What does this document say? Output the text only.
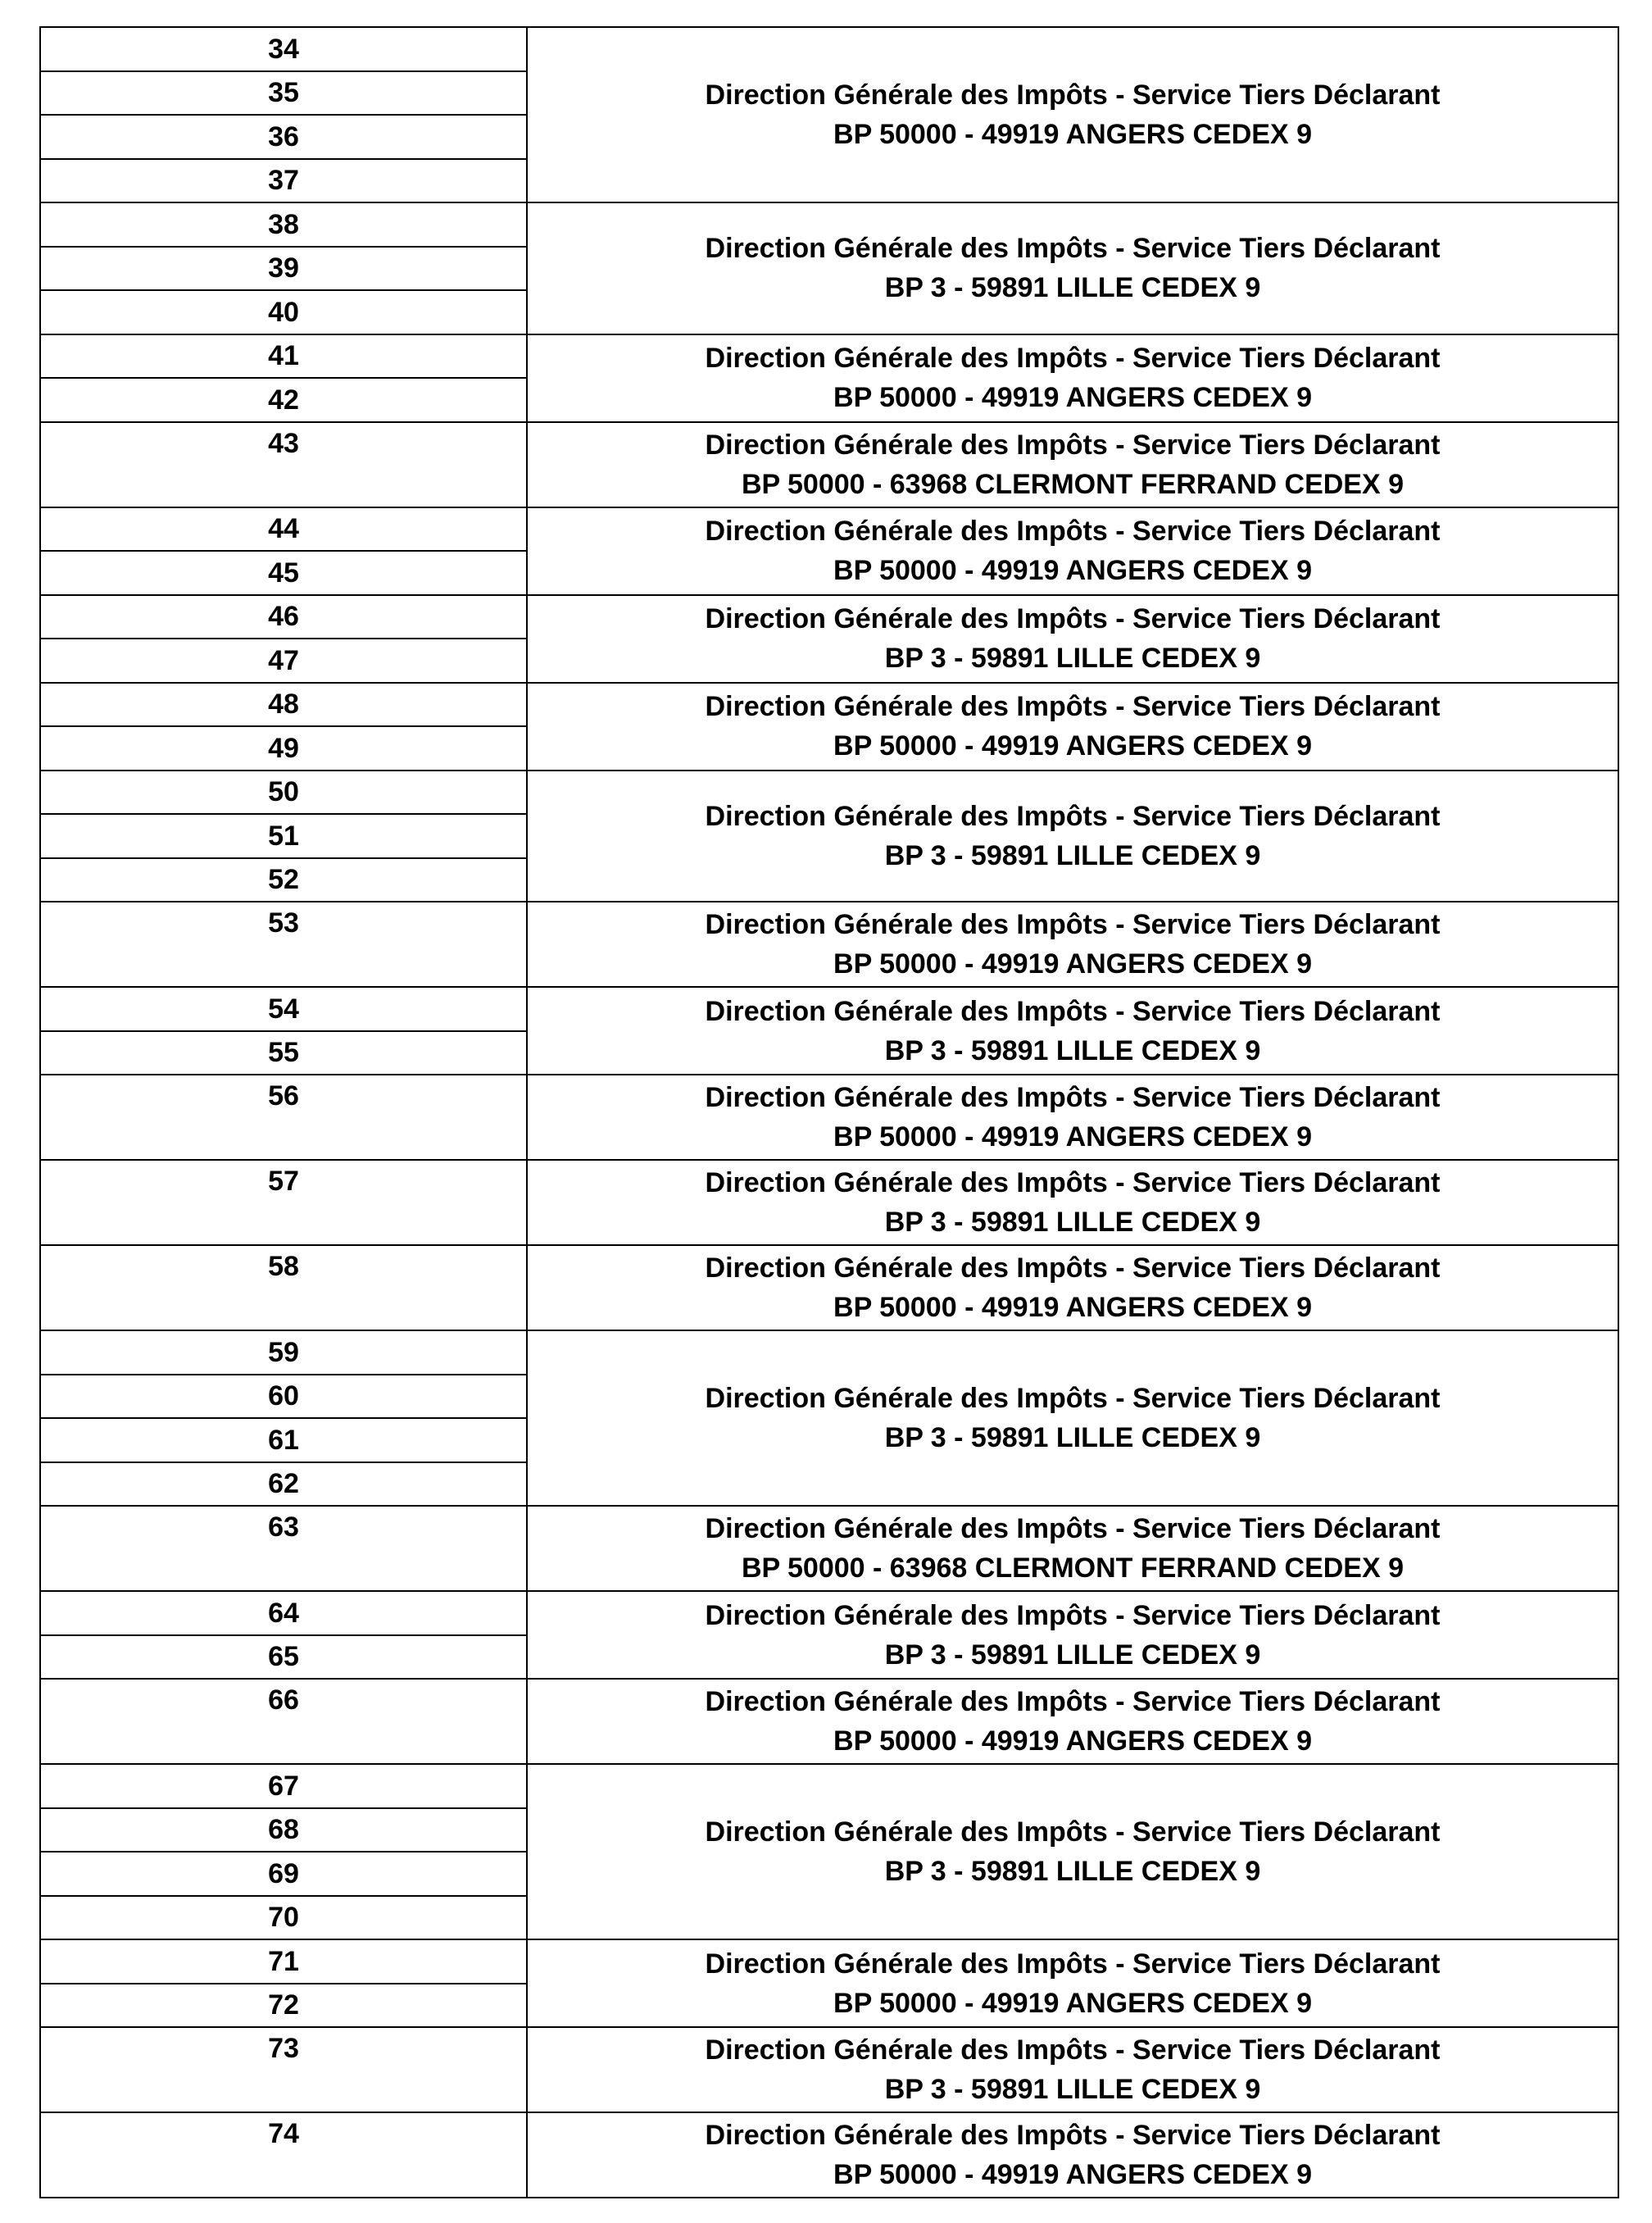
34	Direction Générale des Impôts - Service Tiers Déclarant
BP 50000 - 49919 ANGERS CEDEX 9

35	
36	
37	
38	Direction Générale des Impôts - Service Tiers Déclarant
BP 3 - 59891 LILLE CEDEX 9

39	
40	
41	Direction Générale des Impôts - Service Tiers Déclarant
BP 50000 - 49919 ANGERS CEDEX 9

42	
43	Direction Générale des Impôts - Service Tiers Déclarant
BP 50000 - 63968 CLERMONT FERRAND CEDEX 9

44	Direction Générale des Impôts - Service Tiers Déclarant
BP 50000 - 49919 ANGERS CEDEX 9

45	
46	Direction Générale des Impôts - Service Tiers Déclarant
BP 3 - 59891 LILLE CEDEX 9

47	
48	Direction Générale des Impôts - Service Tiers Déclarant
BP 50000 - 49919 ANGERS CEDEX 9

49	
50	Direction Générale des Impôts - Service Tiers Déclarant
BP 3 - 59891 LILLE CEDEX 9

51	
52	
53	Direction Générale des Impôts - Service Tiers Déclarant
BP 50000 - 49919 ANGERS CEDEX 9

54	Direction Générale des Impôts - Service Tiers Déclarant
BP 3 - 59891 LILLE CEDEX 9

55	
56	Direction Générale des Impôts - Service Tiers Déclarant
BP 50000 - 49919 ANGERS CEDEX 9

57	Direction Générale des Impôts - Service Tiers Déclarant
BP 3 - 59891 LILLE CEDEX 9

58	Direction Générale des Impôts - Service Tiers Déclarant
BP 50000 - 49919 ANGERS CEDEX 9

59	Direction Générale des Impôts - Service Tiers Déclarant
BP 3 - 59891 LILLE CEDEX 9

60	
61	
62	
63	Direction Générale des Impôts - Service Tiers Déclarant
BP 50000 - 63968 CLERMONT FERRAND CEDEX 9

64	Direction Générale des Impôts - Service Tiers Déclarant
BP 3 - 59891 LILLE CEDEX 9

65	
66	Direction Générale des Impôts - Service Tiers Déclarant
BP 50000 - 49919 ANGERS CEDEX 9

67	Direction Générale des Impôts - Service Tiers Déclarant
BP 3 - 59891 LILLE CEDEX 9

68	
69	
70	
71	Direction Générale des Impôts - Service Tiers Déclarant
BP 50000 - 49919 ANGERS CEDEX 9

72	
73	Direction Générale des Impôts - Service Tiers Déclarant
BP 3 - 59891 LILLE CEDEX 9

74	Direction Générale des Impôts - Service Tiers Déclarant
BP 50000 - 49919 ANGERS CEDEX 9
